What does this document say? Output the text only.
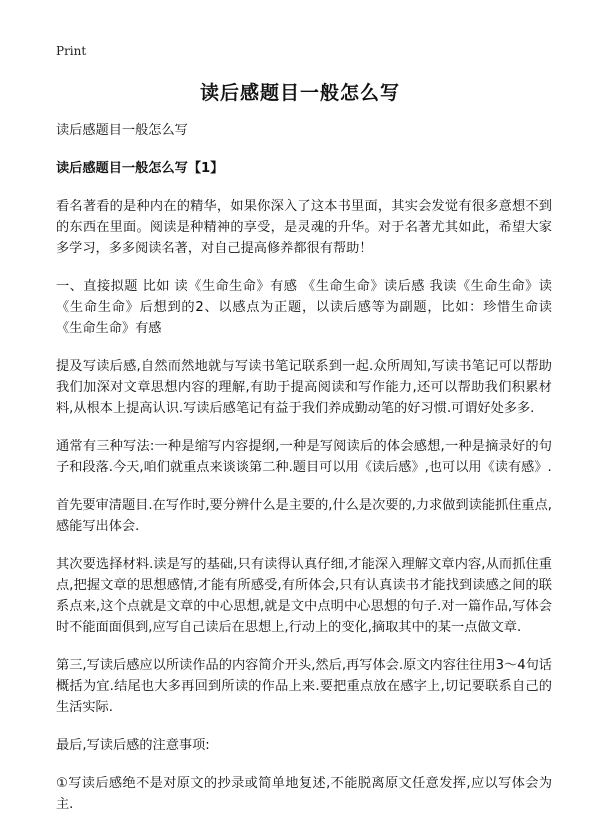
Print
读后感题目一般怎么写

读后感题目一般怎么写

读后感题目一般怎么写【1】

看名著看的是种内在的精华，如果你深入了这本书里面，其实会发觉有很多意想不到的东西在里面。阅读是种精神的享受，是灵魂的升华。对于名著尤其如此，希望大家多学习，多多阅读名著，对自己提高修养都很有帮助！

一、直接拟题 比如 读《生命生命》有感 《生命生命》读后感 我读《生命生命》读《生命生命》后想到的2、以感点为正题，以读后感等为副题，比如：珍惜生命读《生命生命》有感

提及写读后感,自然而然地就与写读书笔记联系到一起.众所周知,写读书笔记可以帮助我们加深对文章思想内容的理解,有助于提高阅读和写作能力,还可以帮助我们积累材料,从根本上提高认识.写读后感笔记有益于我们养成勤动笔的好习惯.可谓好处多多.

通常有三种写法:一种是缩写内容提纲,一种是写阅读后的体会感想,一种是摘录好的句子和段落.今天,咱们就重点来谈谈第二种.题目可以用《读后感》,也可以用《读有感》.

首先要审清题目.在写作时,要分辨什么是主要的,什么是次要的,力求做到读能抓住重点,感能写出体会.

其次要选择材料.读是写的基础,只有读得认真仔细,才能深入理解文章内容,从而抓住重点,把握文章的思想感情,才能有所感受,有所体会,只有认真读书才能找到读感之间的联系点来,这个点就是文章的中心思想,就是文中点明中心思想的句子.对一篇作品,写体会时不能面面俱到,应写自己读后在思想上,行动上的变化,摘取其中的某一点做文章.

第三,写读后感应以所读作品的内容简介开头,然后,再写体会.原文内容往往用3～4句话概括为宜.结尾也大多再回到所读的作品上来.要把重点放在感字上,切记要联系自己的生活实际.

最后,写读后感的注意事项:

①写读后感绝不是对原文的抄录或简单地复述,不能脱离原文任意发挥,应以写体会为主.
